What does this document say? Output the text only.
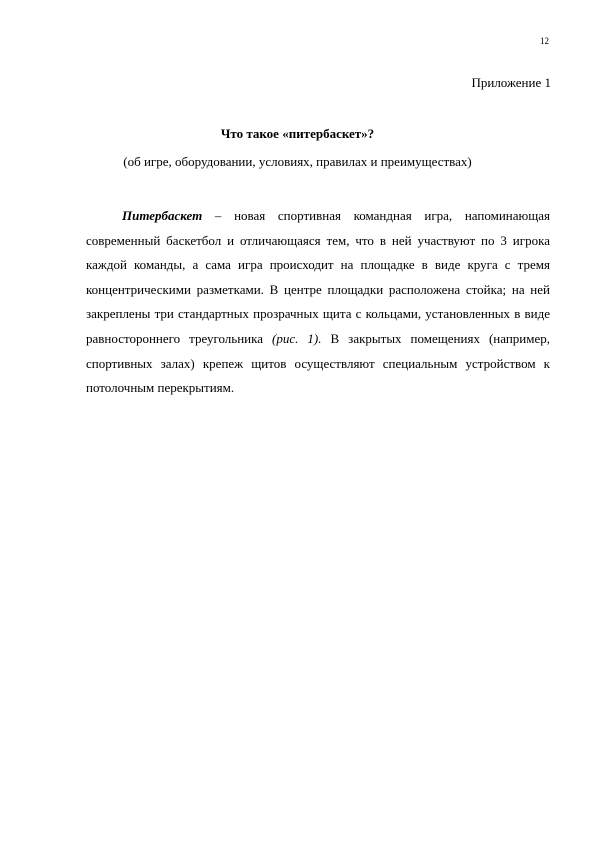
12
Приложение 1
Что такое «питербаскет»?
(об игре, оборудовании, условиях, правилах и преимуществах)

Питербаскет – новая спортивная командная игра, напоминающая современный баскетбол и отличающаяся тем, что в ней участвуют по 3 игрока каждой команды, а сама игра происходит на площадке в виде круга с тремя концентрическими разметками. В центре площадки расположена стойка; на ней закреплены три стандартных прозрачных щита с кольцами, установленных в виде равностороннего треугольника (рис. 1). В закрытых помещениях (например, спортивных залах) крепеж щитов осуществляют специальным устройством к потолочным перекрытиям.
